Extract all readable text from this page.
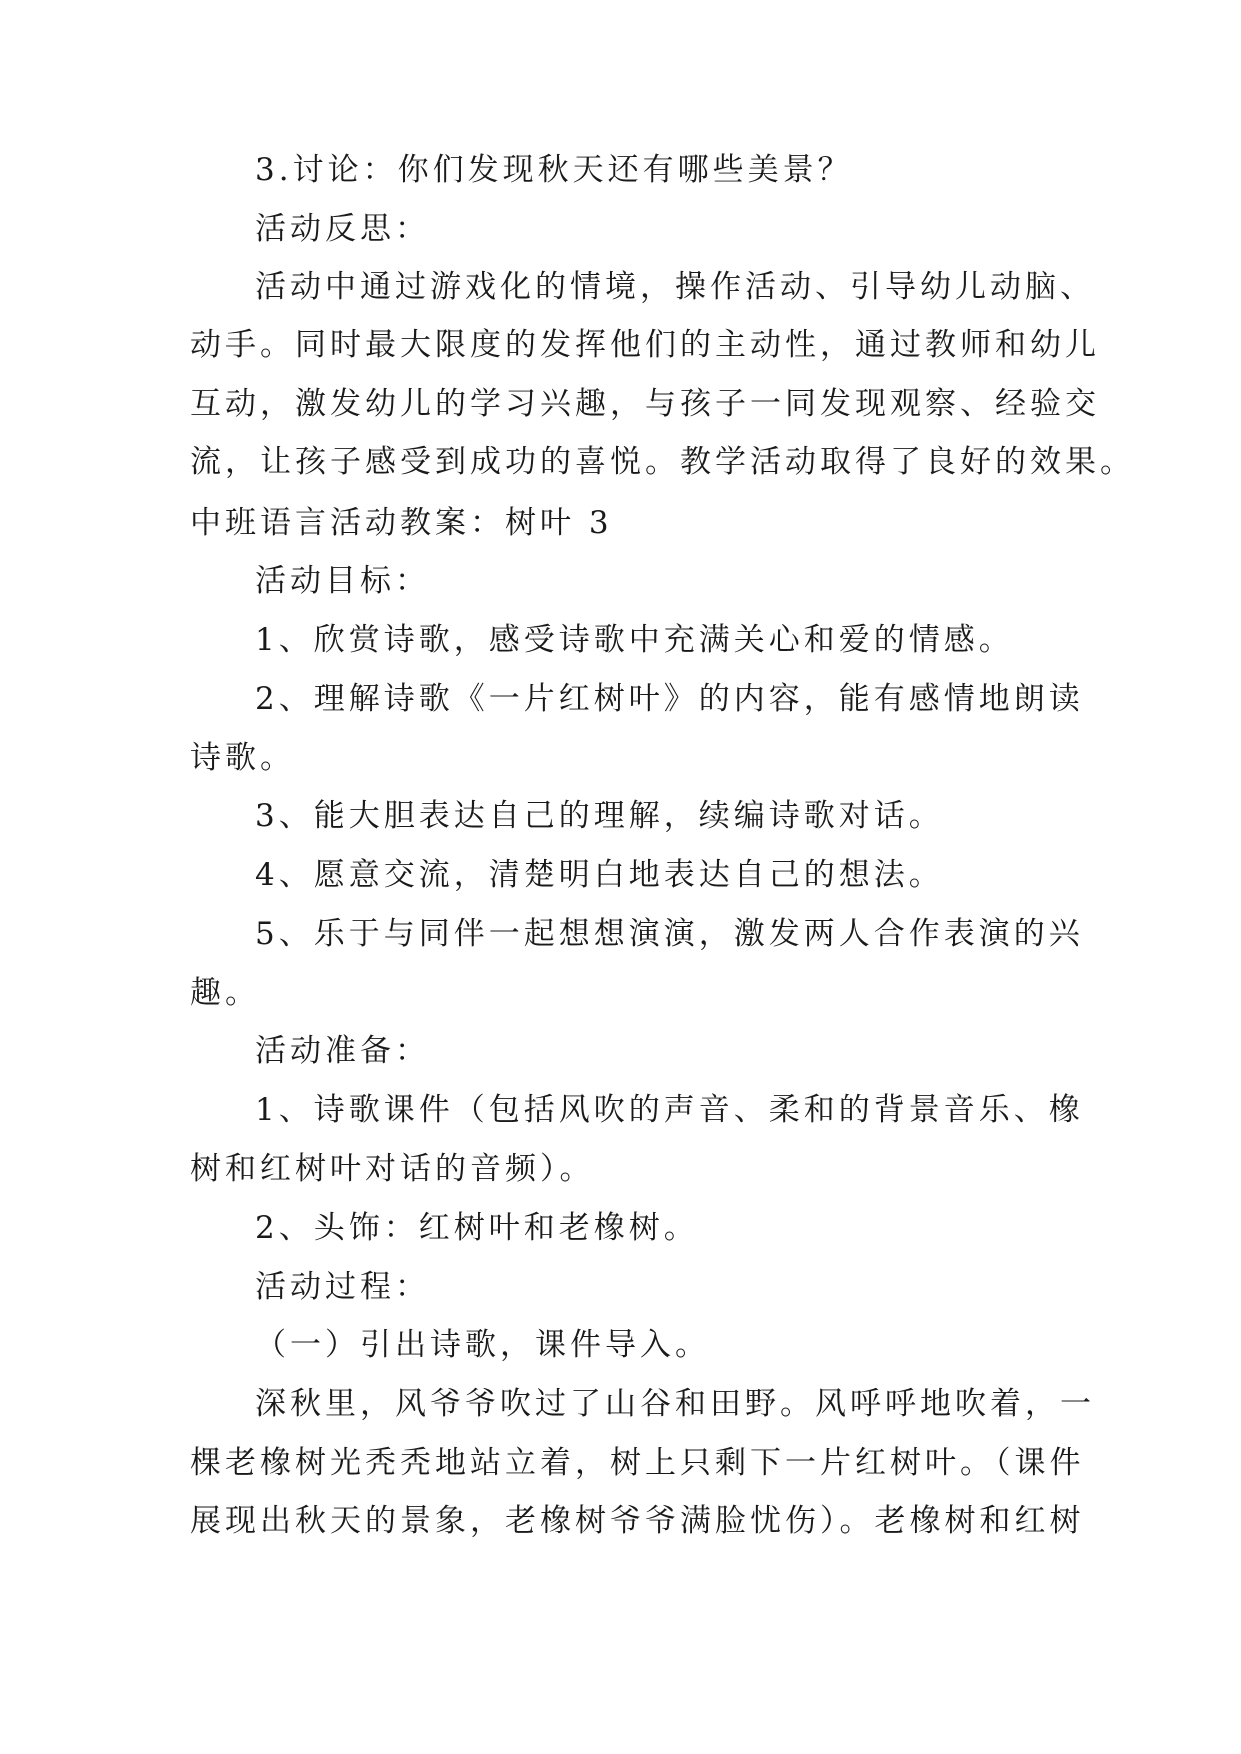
3.讨论：你们发现秋天还有哪些美景？
活动反思：
活动中通过游戏化的情境，操作活动、引导幼儿动脑、
动手。同时最大限度的发挥他们的主动性，通过教师和幼儿
互动，激发幼儿的学习兴趣，与孩子一同发现观察、经验交
流，让孩子感受到成功的喜悦。教学活动取得了良好的效果。
中班语言活动教案：树叶 3
活动目标：
1、欣赏诗歌，感受诗歌中充满关心和爱的情感。
2、理解诗歌《一片红树叶》的内容，能有感情地朗读
诗歌。
3、能大胆表达自己的理解，续编诗歌对话。
4、愿意交流，清楚明白地表达自己的想法。
5、乐于与同伴一起想想演演，激发两人合作表演的兴
趣。
活动准备：
1、诗歌课件（包括风吹的声音、柔和的背景音乐、橡
树和红树叶对话的音频）。
2、头饰：红树叶和老橡树。
活动过程：
（一）引出诗歌，课件导入。
深秋里，风爷爷吹过了山谷和田野。风呼呼地吹着，一
棵老橡树光秃秃地站立着，树上只剩下一片红树叶。（课件
展现出秋天的景象，老橡树爷爷满脸忧伤）。老橡树和红树
